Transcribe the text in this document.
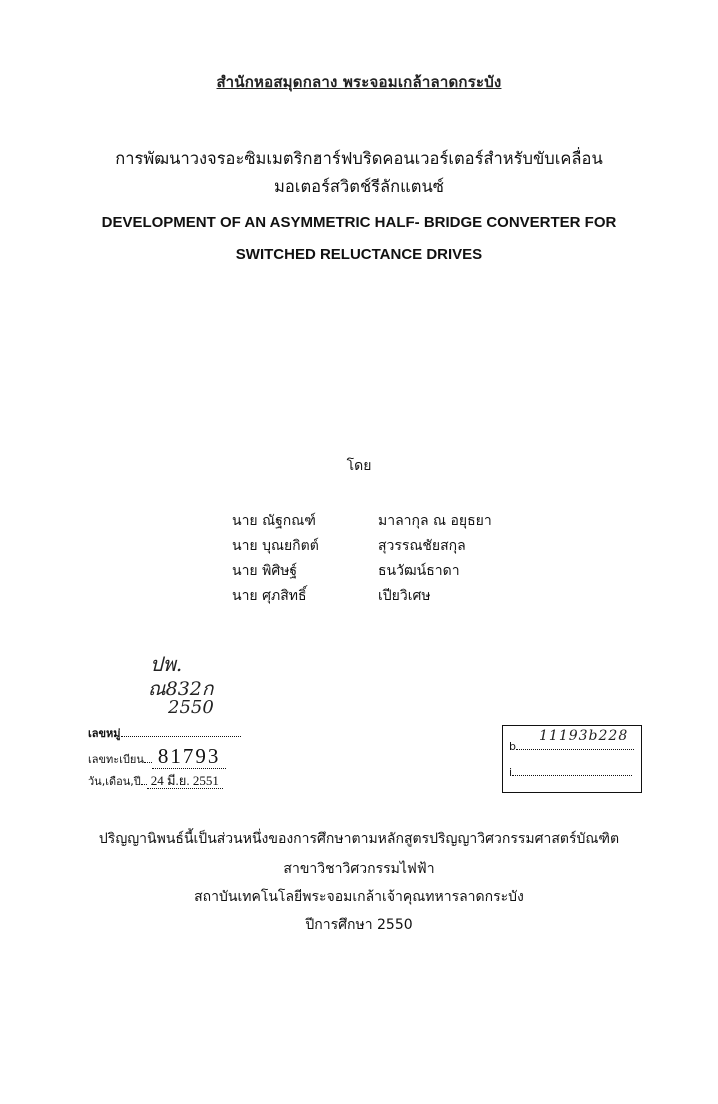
สำนักหอสมุดกลาง พระจอมเกล้าลาดกระบัง
การพัฒนาวงจรอะซิมเมตริกฮาร์ฟบริดคอนเวอร์เตอร์สำหรับขับเคลื่อน
มอเตอร์สวิตช์รีลักแตนซ์
DEVELOPMENT OF AN ASYMMETRIC HALF- BRIDGE CONVERTER FOR
SWITCHED RELUCTANCE DRIVES
โดย
นาย ณัฐกณฑ์	มาลากุล ณ อยุธยา
นาย บุณยกิตต์	สุวรรณชัยสกุล
นาย พิศิษฐ์	ธนวัฒน์ธาดา
นาย ศุภสิทธิ์	เปียวิเศษ
ปพ.
ณ832ก
2550
เลขหมู่
เลขทะเบียน 81793
วัน,เดือน,ปี 24 มี.ย. 2551
b
11193b228
i
ปริญญานิพนธ์นี้เป็นส่วนหนึ่งของการศึกษาตามหลักสูตรปริญญาวิศวกรรมศาสตร์บัณฑิต
สาขาวิชาวิศวกรรมไฟฟ้า
สถาบันเทคโนโลยีพระจอมเกล้าเจ้าคุณทหารลาดกระบัง
ปีการศึกษา 2550
